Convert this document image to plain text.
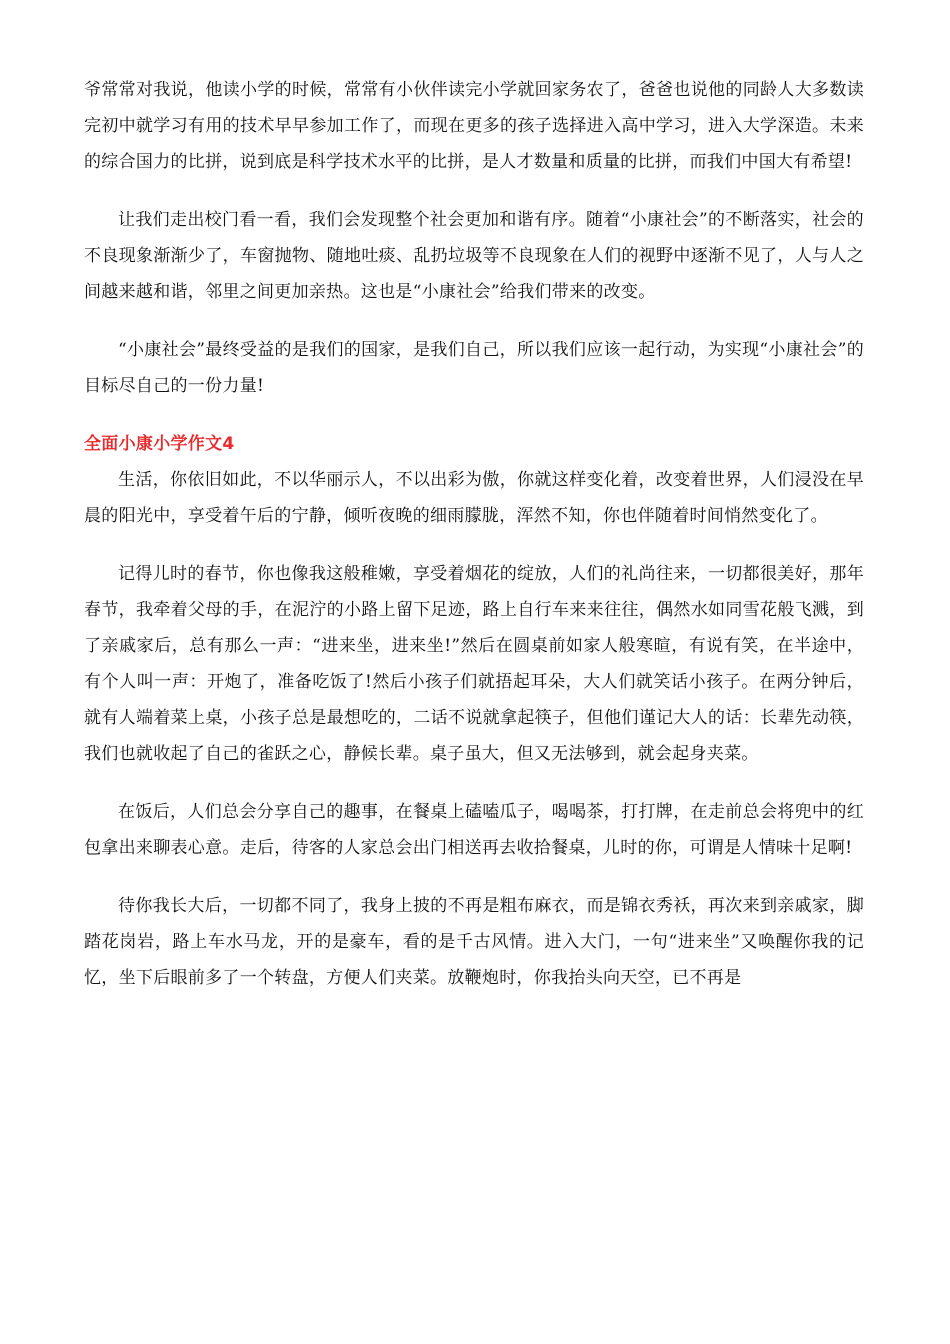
爷常常对我说，他读小学的时候，常常有小伙伴读完小学就回家务农了，爸爸也说他的同龄人大多数读完初中就学习有用的技术早早参加工作了，而现在更多的孩子选择进入高中学习，进入大学深造。未来的综合国力的比拼，说到底是科学技术水平的比拼，是人才数量和质量的比拼，而我们中国大有希望!

让我们走出校门看一看，我们会发现整个社会更加和谐有序。随着“小康社会”的不断落实，社会的不良现象渐渐少了，车窗抛物、随地吐痰、乱扔垃圾等不良现象在人们的视野中逐渐不见了，人与人之间越来越和谐，邻里之间更加亲热。这也是“小康社会”给我们带来的改变。

“小康社会”最终受益的是我们的国家，是我们自己，所以我们应该一起行动，为实现“小康社会”的目标尽自己的一份力量!

全面小康小学作文4

生活，你依旧如此，不以华丽示人，不以出彩为傲，你就这样变化着，改变着世界，人们浸没在早晨的阳光中，享受着午后的宁静，倾听夜晚的细雨朦胧，浑然不知，你也伴随着时间悄然变化了。

记得儿时的春节，你也像我这般稚嫩，享受着烟花的绽放，人们的礼尚往来，一切都很美好，那年春节，我牵着父母的手，在泥泞的小路上留下足迹，路上自行车来来往往，偶然水如同雪花般飞溅，到了亲戚家后，总有那么一声：“进来坐，进来坐!”然后在圆桌前如家人般寒暄，有说有笑，在半途中，有个人叫一声：开炮了，准备吃饭了!然后小孩子们就捂起耳朵，大人们就笑话小孩子。在两分钟后，就有人端着菜上桌，小孩子总是最想吃的，二话不说就拿起筷子，但他们谨记大人的话：长辈先动筷，我们也就收起了自己的雀跃之心，静候长辈。桌子虽大，但又无法够到，就会起身夹菜。

在饭后，人们总会分享自己的趣事，在餐桌上磕嗑瓜子，喝喝茶，打打牌，在走前总会将兜中的红包拿出来聊表心意。走后，待客的人家总会出门相送再去收拾餐桌，儿时的你，可谓是人情味十足啊!

待你我长大后，一切都不同了，我身上披的不再是粗布麻衣，而是锦衣秀袄，再次来到亲戚家，脚踏花岗岩，路上车水马龙，开的是豪车，看的是千古风情。进入大门，一句“进来坐”又唤醒你我的记忆，坐下后眼前多了一个转盘，方便人们夹菜。放鞭炮时，你我抬头向天空，已不再是
